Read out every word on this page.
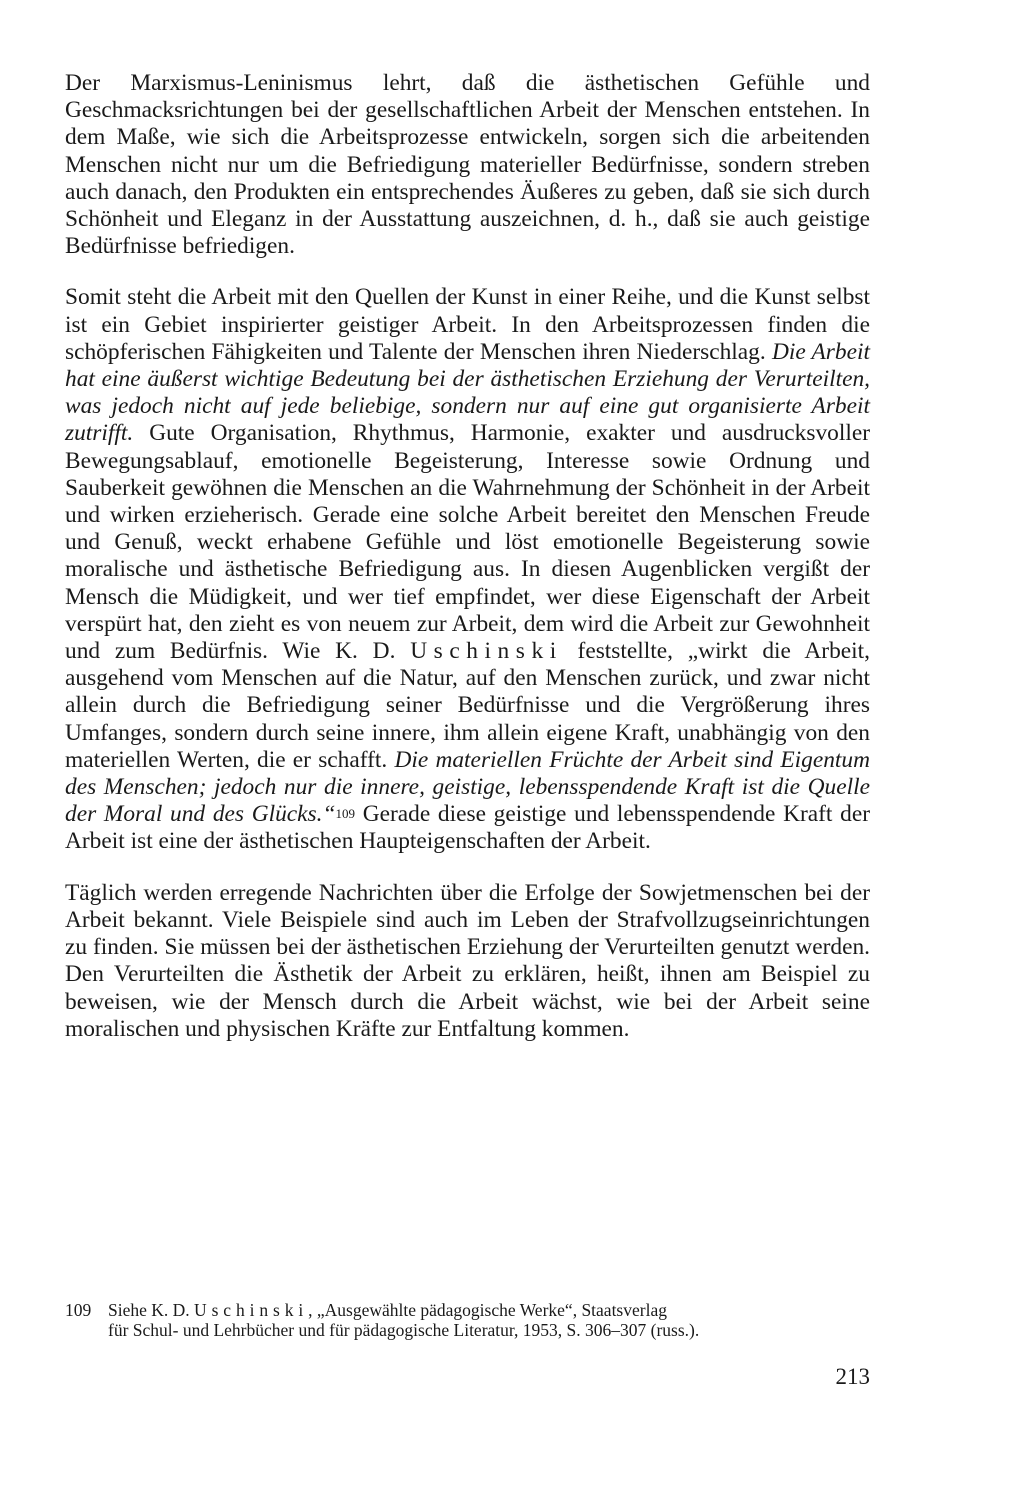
Der Marxismus-Leninismus lehrt, daß die ästhetischen Gefühle und Geschmacksrichtungen bei der gesellschaftlichen Arbeit der Menschen entstehen. In dem Maße, wie sich die Arbeitsprozesse entwickeln, sorgen sich die arbeitenden Menschen nicht nur um die Befriedigung materieller Bedürfnisse, sondern streben auch danach, den Produkten ein entsprechendes Äußeres zu geben, daß sie sich durch Schönheit und Eleganz in der Ausstattung auszeichnen, d. h., daß sie auch geistige Bedürfnisse befriedigen.

Somit steht die Arbeit mit den Quellen der Kunst in einer Reihe, und die Kunst selbst ist ein Gebiet inspirierter geistiger Arbeit. In den Arbeitsprozessen finden die schöpferischen Fähigkeiten und Talente der Menschen ihren Niederschlag. Die Arbeit hat eine äußerst wichtige Bedeutung bei der ästhetischen Erziehung der Verurteilten, was jedoch nicht auf jede beliebige, sondern nur auf eine gut organisierte Arbeit zutrifft. Gute Organisation, Rhythmus, Harmonie, exakter und ausdrucksvoller Bewegungsablauf, emotionelle Begeisterung, Interesse sowie Ordnung und Sauberkeit gewöhnen die Menschen an die Wahrnehmung der Schönheit in der Arbeit und wirken erzieherisch. Gerade eine solche Arbeit bereitet den Menschen Freude und Genuß, weckt erhabene Gefühle und löst emotionelle Begeisterung sowie moralische und ästhetische Befriedigung aus. In diesen Augenblicken vergißt der Mensch die Müdigkeit, und wer tief empfindet, wer diese Eigenschaft der Arbeit verspürt hat, den zieht es von neuem zur Arbeit, dem wird die Arbeit zur Gewohnheit und zum Bedürfnis. Wie K. D. Uschinski feststellte, „wirkt die Arbeit, ausgehend vom Menschen auf die Natur, auf den Menschen zurück, und zwar nicht allein durch die Befriedigung seiner Bedürfnisse und die Vergrößerung ihres Umfanges, sondern durch seine innere, ihm allein eigene Kraft, unabhängig von den materiellen Werten, die er schafft. Die materiellen Früchte der Arbeit sind Eigentum des Menschen; jedoch nur die innere, geistige, lebensspendende Kraft ist die Quelle der Moral und des Glücks.“$^{109}$ Gerade diese geistige und lebensspendende Kraft der Arbeit ist eine der ästhetischen Haupteigenschaften der Arbeit.

Täglich werden erregende Nachrichten über die Erfolge der Sowjetmenschen bei der Arbeit bekannt. Viele Beispiele sind auch im Leben der Strafvollzugseinrichtungen zu finden. Sie müssen bei der ästhetischen Erziehung der Verurteilten genutzt werden. Den Verurteilten die Ästhetik der Arbeit zu erklären, heißt, ihnen am Beispiel zu beweisen, wie der Mensch durch die Arbeit wächst, wie bei der Arbeit seine moralischen und physischen Kräfte zur Entfaltung kommen.

109 Siehe K. D. Uschinski, „Ausgewählte pädagogische Werke“, Staatsverlag
für Schul- und Lehrbücher und für pädagogische Literatur, 1953, S. 306–307 (russ.).
213
